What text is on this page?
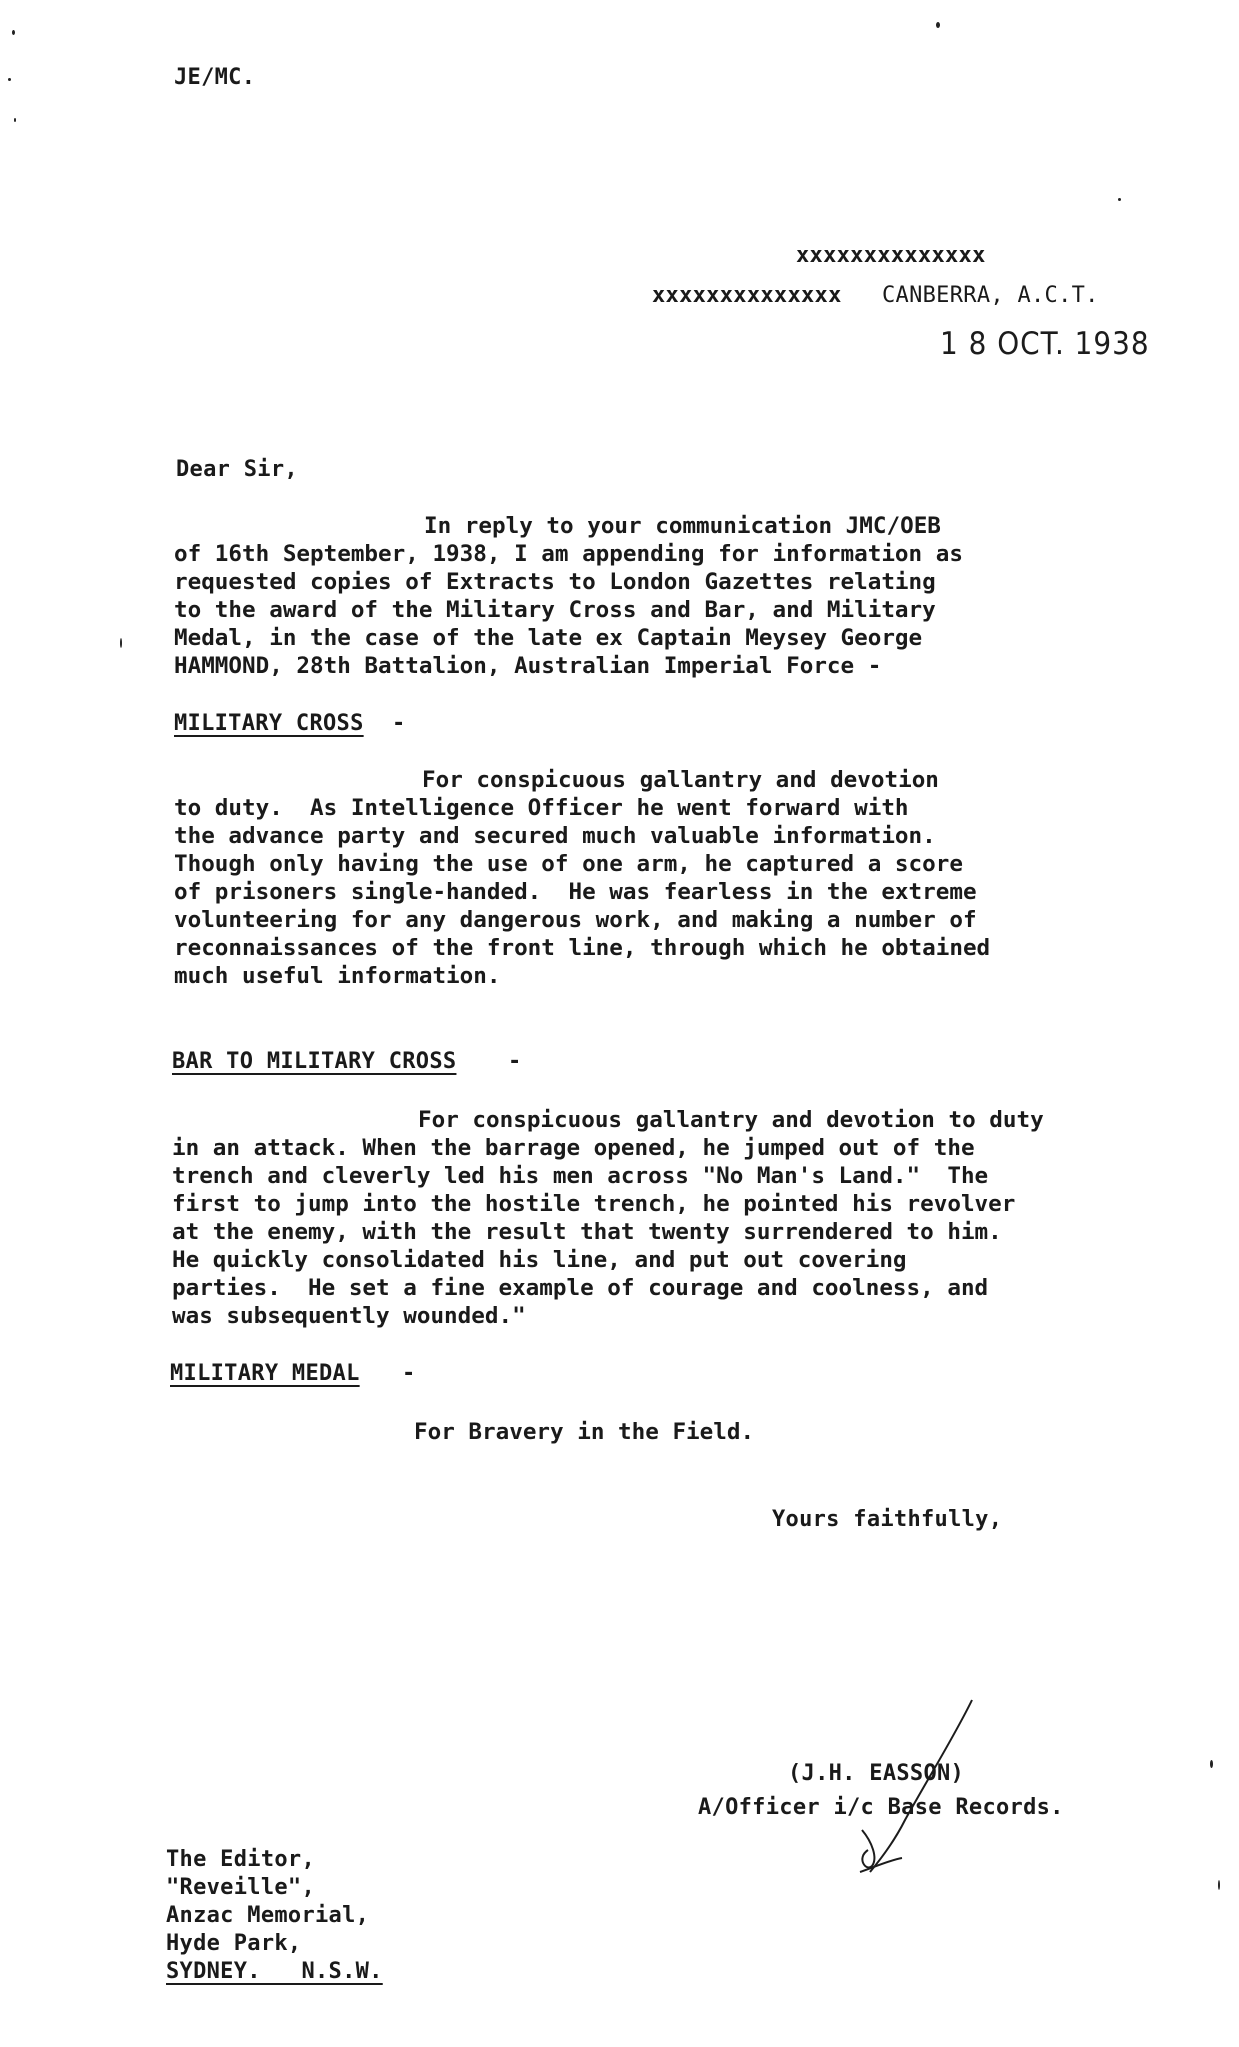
JE/MC.
xxxxxxxxxxxxxx
xxxxxxxxxxxxxx CANBERRA, A.C.T.
1 8 OCT. 1938
Dear Sir,
In reply to your communication JMC/OEB
of 16th September, 1938, I am appending for information as
requested copies of Extracts to London Gazettes relating
to the award of the Military Cross and Bar, and Military
Medal, in the case of the late ex Captain Meysey George
HAMMOND, 28th Battalion, Australian Imperial Force -
MILITARY CROSS -
For conspicuous gallantry and devotion
to duty.  As Intelligence Officer he went forward with
the advance party and secured much valuable information.
Though only having the use of one arm, he captured a score
of prisoners single-handed.  He was fearless in the extreme
volunteering for any dangerous work, and making a number of
reconnaissances of the front line, through which he obtained
much useful information.
BAR TO MILITARY CROSS -
For conspicuous gallantry and devotion to duty
in an attack. When the barrage opened, he jumped out of the
trench and cleverly led his men across "No Man's Land."  The
first to jump into the hostile trench, he pointed his revolver
at the enemy, with the result that twenty surrendered to him.
He quickly consolidated his line, and put out covering
parties.  He set a fine example of courage and coolness, and
was subsequently wounded."
MILITARY MEDAL -
For Bravery in the Field.
Yours faithfully,
(J.H. EASSON)
A/Officer i/c Base Records.
The Editor,
"Reveille",
Anzac Memorial,
Hyde Park,
SYDNEY.   N.S.W.
